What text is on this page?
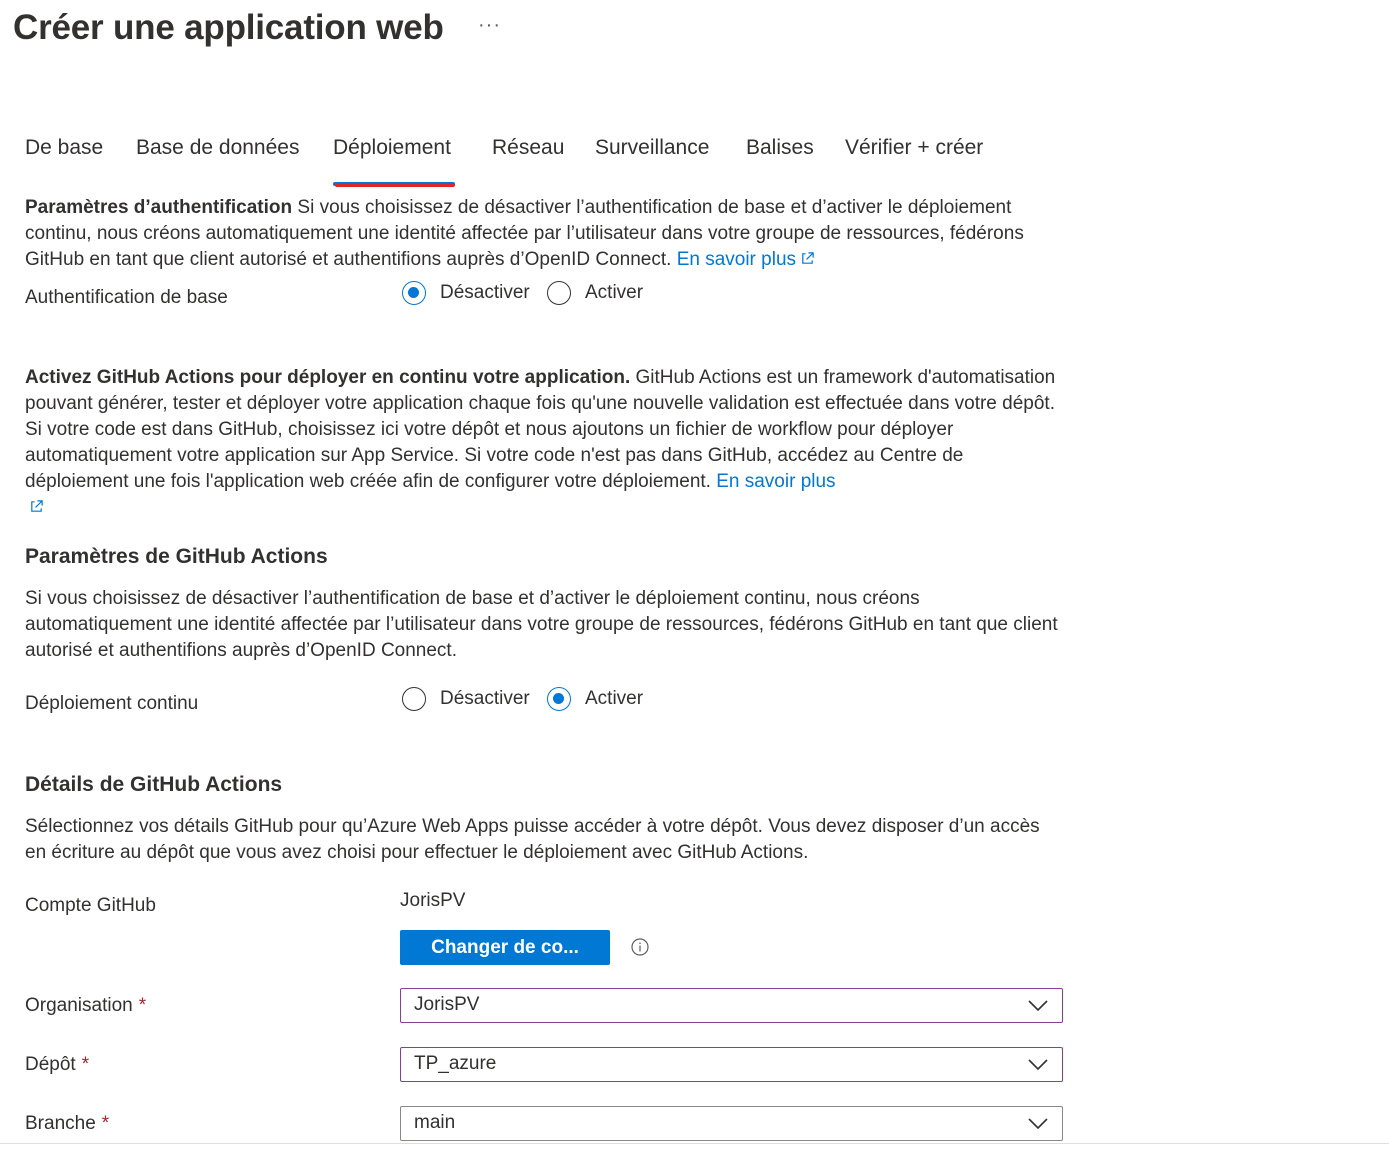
Créer une application web ···
De base Base de données Déploiement Réseau Surveillance Balises Vérifier + créer
Paramètres d’authentification Si vous choisissez de désactiver l’authentification de base et d’activer le déploiement continu, nous créons automatiquement une identité affectée par l’utilisateur dans votre groupe de ressources, fédérons GitHub en tant que client autorisé et authentifions auprès d’OpenID Connect. En savoir plus
Authentification de base	Désactiver	Activer
Activez GitHub Actions pour déployer en continu votre application. GitHub Actions est un framework d'automatisation pouvant générer, tester et déployer votre application chaque fois qu'une nouvelle validation est effectuée dans votre dépôt. Si votre code est dans GitHub, choisissez ici votre dépôt et nous ajoutons un fichier de workflow pour déployer automatiquement votre application sur App Service. Si votre code n'est pas dans GitHub, accédez au Centre de déploiement une fois l'application web créée afin de configurer votre déploiement. En savoir plus

Paramètres de GitHub Actions
Si vous choisissez de désactiver l’authentification de base et d’activer le déploiement continu, nous créons automatiquement une identité affectée par l’utilisateur dans votre groupe de ressources, fédérons GitHub en tant que client autorisé et authentifions auprès d’OpenID Connect.
Déploiement continu	Désactiver	Activer
Détails de GitHub Actions
Sélectionnez vos détails GitHub pour qu’Azure Web Apps puisse accéder à votre dépôt. Vous devez disposer d’un accès en écriture au dépôt que vous avez choisi pour effectuer le déploiement avec GitHub Actions.
Compte GitHub	JorisPV
Changer de co...
Organisation *	JorisPV
Dépôt *	TP_azure
Branche *	main
